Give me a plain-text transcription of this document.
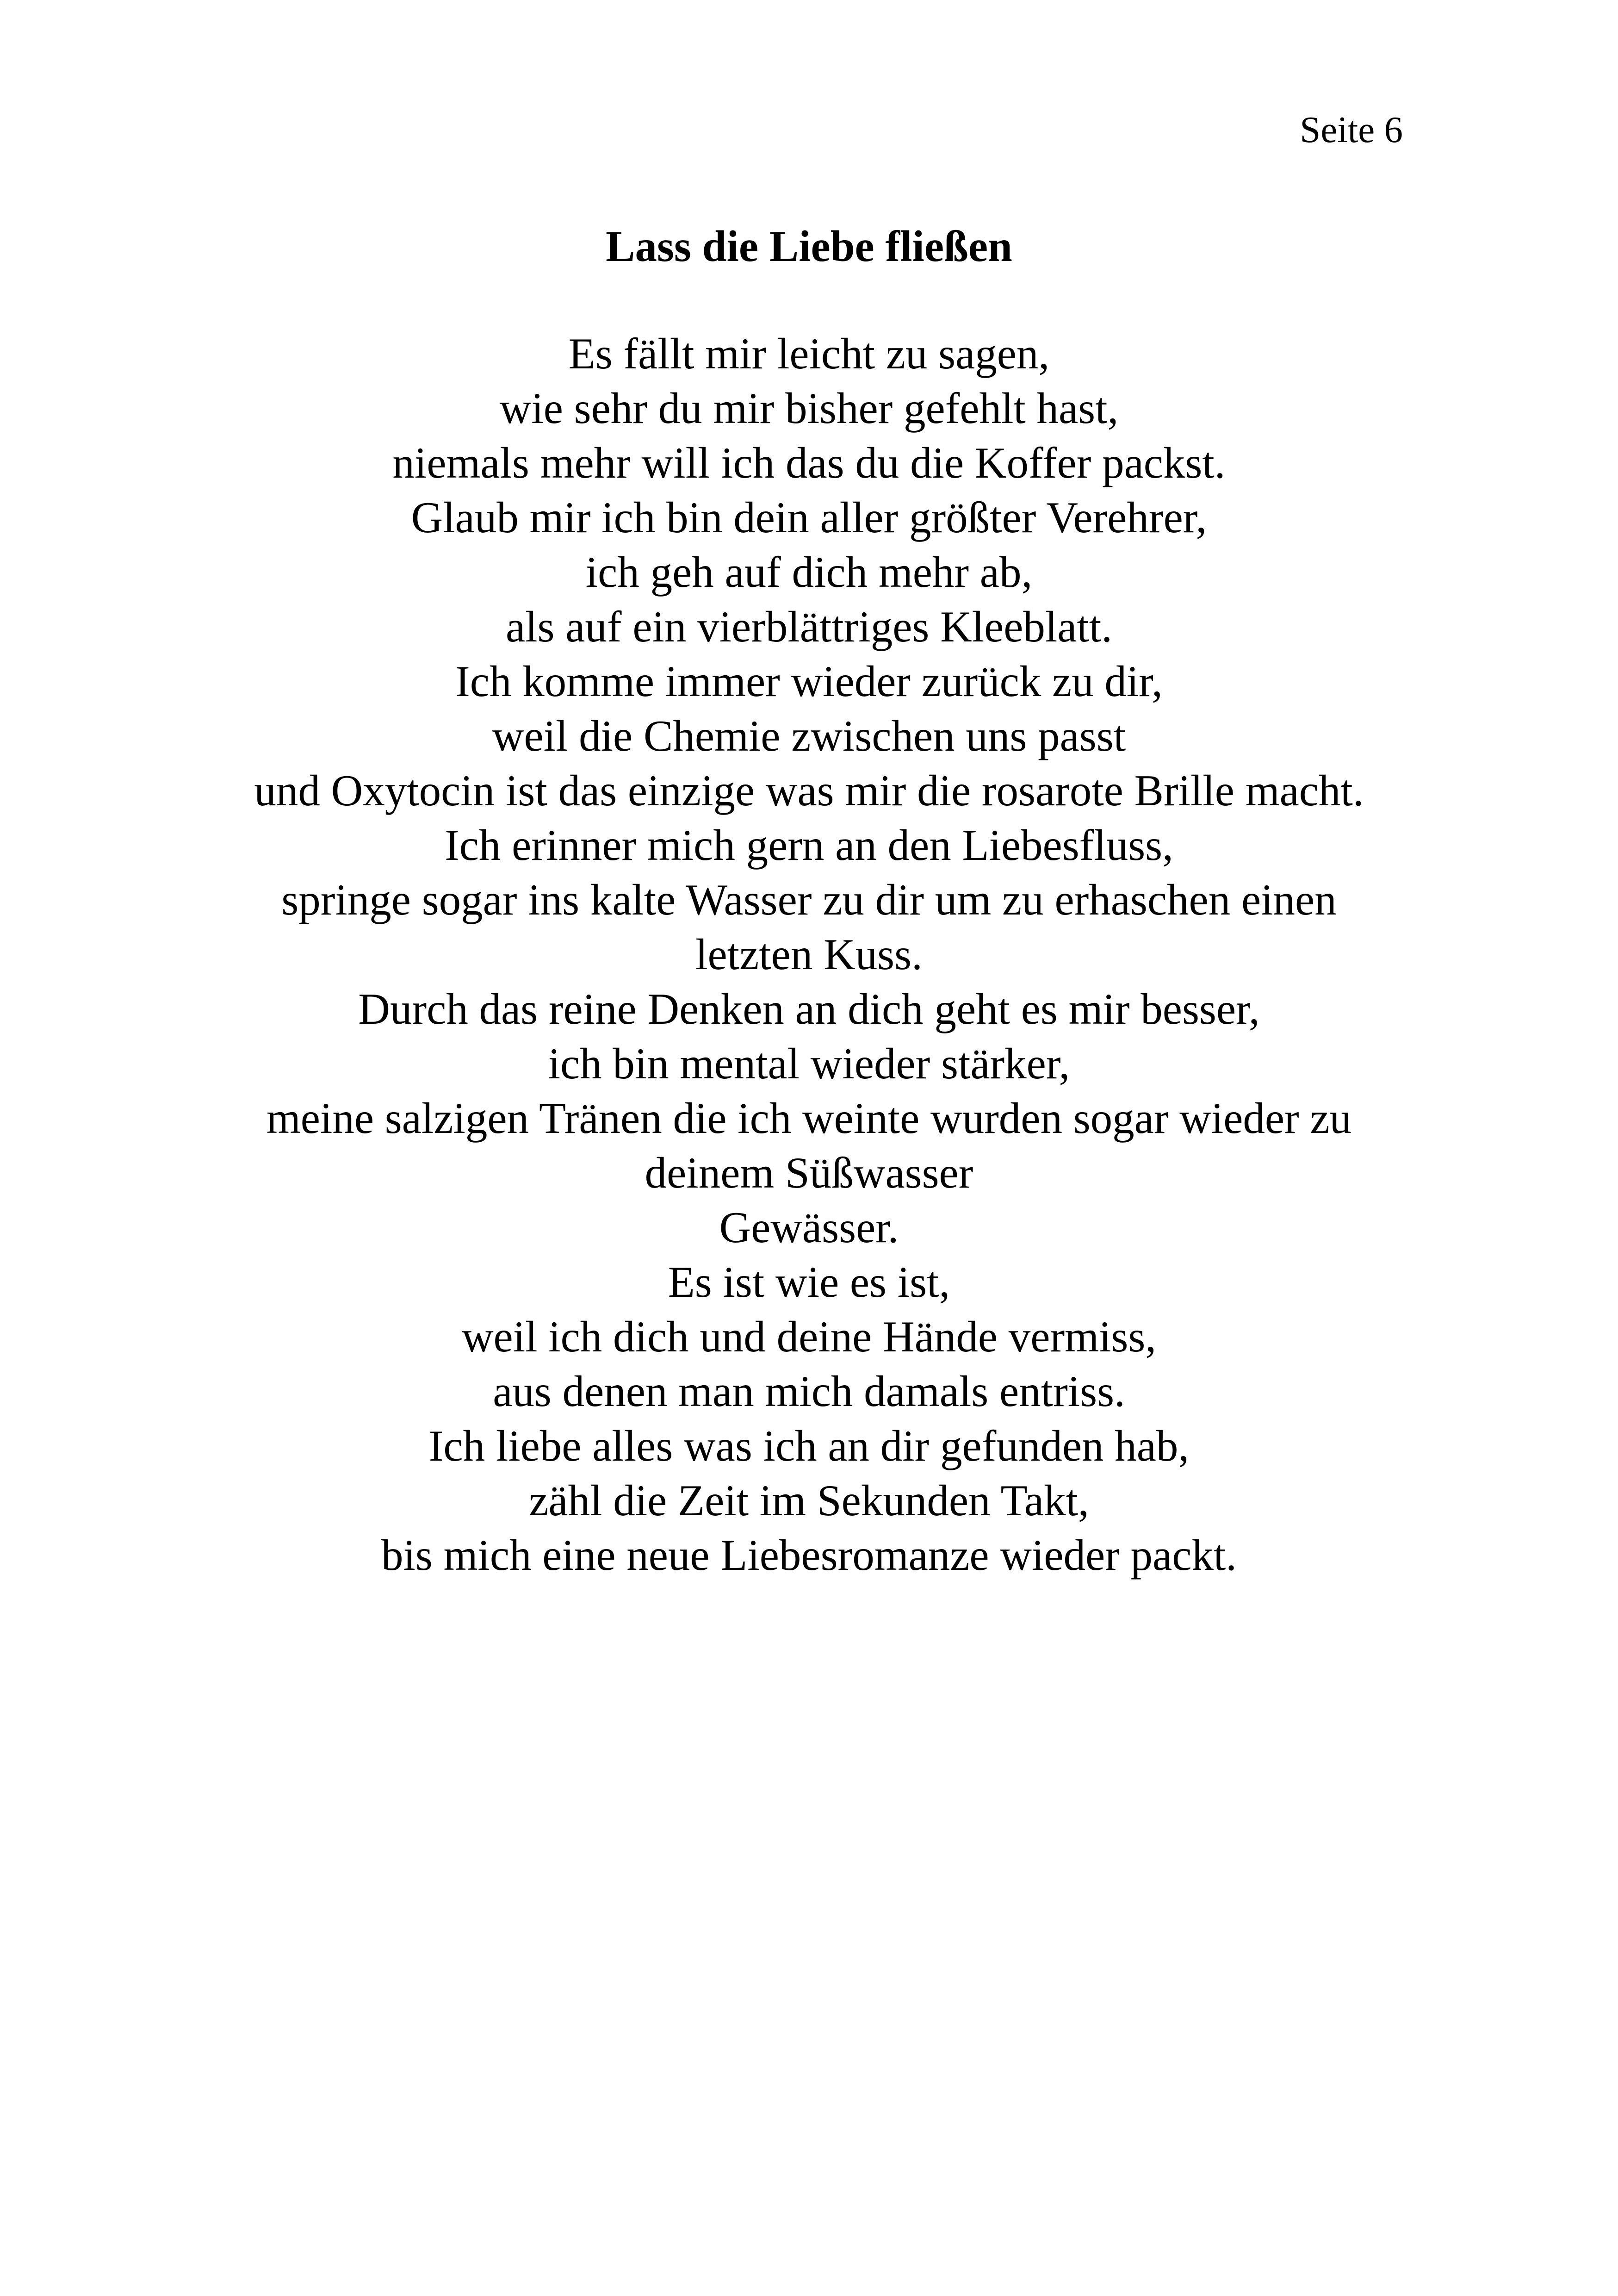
Seite 6
Lass die Liebe fließen
Es fällt mir leicht zu sagen,
wie sehr du mir bisher gefehlt hast,
niemals mehr will ich das du die Koffer packst.
Glaub mir ich bin dein aller größter Verehrer,
ich geh auf dich mehr ab,
als auf ein vierblättriges Kleeblatt.
Ich komme immer wieder zurück zu dir,
weil die Chemie zwischen uns passt
und Oxytocin ist das einzige was mir die rosarote Brille macht.
Ich erinner mich gern an den Liebesfluss,
springe sogar ins kalte Wasser zu dir um zu erhaschen einen
letzten Kuss.
Durch das reine Denken an dich geht es mir besser,
ich bin mental wieder stärker,
meine salzigen Tränen die ich weinte wurden sogar wieder zu
deinem Süßwasser
Gewässer.
Es ist wie es ist,
weil ich dich und deine Hände vermiss,
aus denen man mich damals entriss.
Ich liebe alles was ich an dir gefunden hab,
zähl die Zeit im Sekunden Takt,
bis mich eine neue Liebesromanze wieder packt.
